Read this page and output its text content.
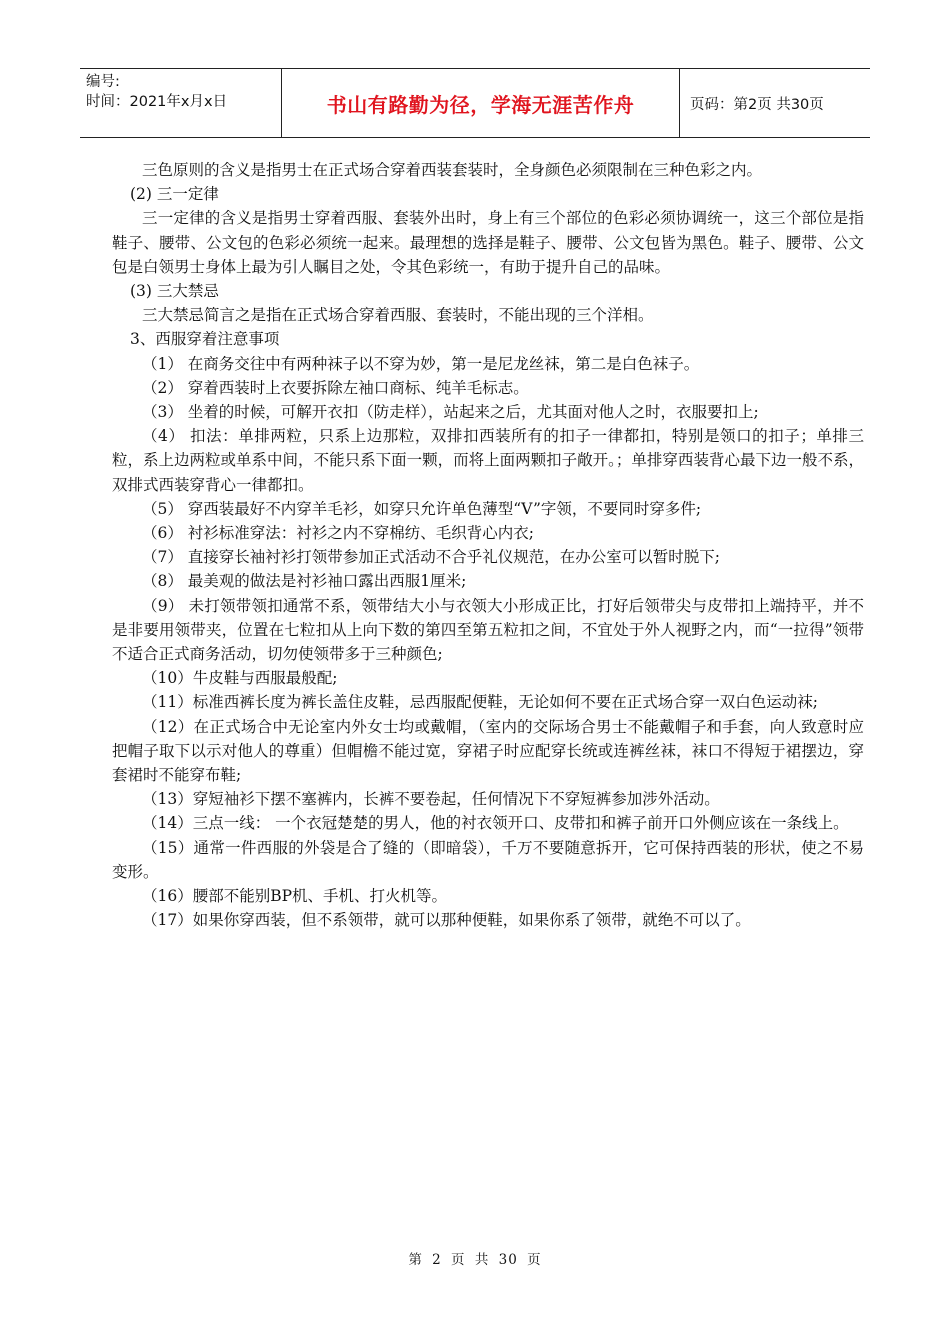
编号:
时间：2021年x月x日	书山有路勤为径，学海无涯苦作舟	页码：第2页 共30页

三色原则的含义是指男士在正式场合穿着西装套装时，全身颜色必须限制在三种色彩之内。

(2) 三一定律

三一定律的含义是指男士穿着西服、套装外出时，身上有三个部位的色彩必须协调统一，这三个部位是指鞋子、腰带、公文包的色彩必须统一起来。最理想的选择是鞋子、腰带、公文包皆为黑色。鞋子、腰带、公文包是白领男士身体上最为引人瞩目之处，令其色彩统一，有助于提升自己的品味。

(3) 三大禁忌

三大禁忌简言之是指在正式场合穿着西服、套装时，不能出现的三个洋相。

3、西服穿着注意事项

（1） 在商务交往中有两种袜子以不穿为妙，第一是尼龙丝袜，第二是白色袜子。

（2） 穿着西装时上衣要拆除左袖口商标、纯羊毛标志。

（3） 坐着的时候，可解开衣扣（防走样），站起来之后，尤其面对他人之时，衣服要扣上;

（4） 扣法：单排两粒，只系上边那粒，双排扣西装所有的扣子一律都扣，特别是领口的扣子；单排三粒，系上边两粒或单系中间，不能只系下面一颗，而将上面两颗扣子敞开。；单排穿西装背心最下边一般不系，双排式西装穿背心一律都扣。

（5） 穿西装最好不内穿羊毛衫，如穿只允许单色薄型“V”字领，不要同时穿多件;

（6） 衬衫标准穿法：衬衫之内不穿棉纺、毛织背心内衣;

（7） 直接穿长袖衬衫打领带参加正式活动不合乎礼仪规范，在办公室可以暂时脱下;

（8） 最美观的做法是衬衫袖口露出西服1厘米;

（9） 未打领带领扣通常不系，领带结大小与衣领大小形成正比，打好后领带尖与皮带扣上端持平，并不是非要用领带夹，位置在七粒扣从上向下数的第四至第五粒扣之间，不宜处于外人视野之内，而“一拉得”领带不适合正式商务活动，切勿使领带多于三种颜色;

（10）牛皮鞋与西服最般配;

（11）标准西裤长度为裤长盖住皮鞋，忌西服配便鞋，无论如何不要在正式场合穿一双白色运动袜;

（12）在正式场合中无论室内外女士均或戴帽，（室内的交际场合男士不能戴帽子和手套，向人致意时应把帽子取下以示对他人的尊重）但帽檐不能过宽，穿裙子时应配穿长统或连裤丝袜，袜口不得短于裙摆边，穿套裙时不能穿布鞋;

（13）穿短袖衫下摆不塞裤内，长裤不要卷起，任何情况下不穿短裤参加涉外活动。

（14）三点一线： 一个衣冠楚楚的男人，他的衬衣领开口、皮带扣和裤子前开口外侧应该在一条线上。

（15）通常一件西服的外袋是合了缝的（即暗袋），千万不要随意拆开，它可保持西装的形状，使之不易变形。

（16）腰部不能别BP机、手机、打火机等。

（17）如果你穿西装，但不系领带，就可以那种便鞋，如果你系了领带，就绝不可以了。

第 2 页 共 30 页
